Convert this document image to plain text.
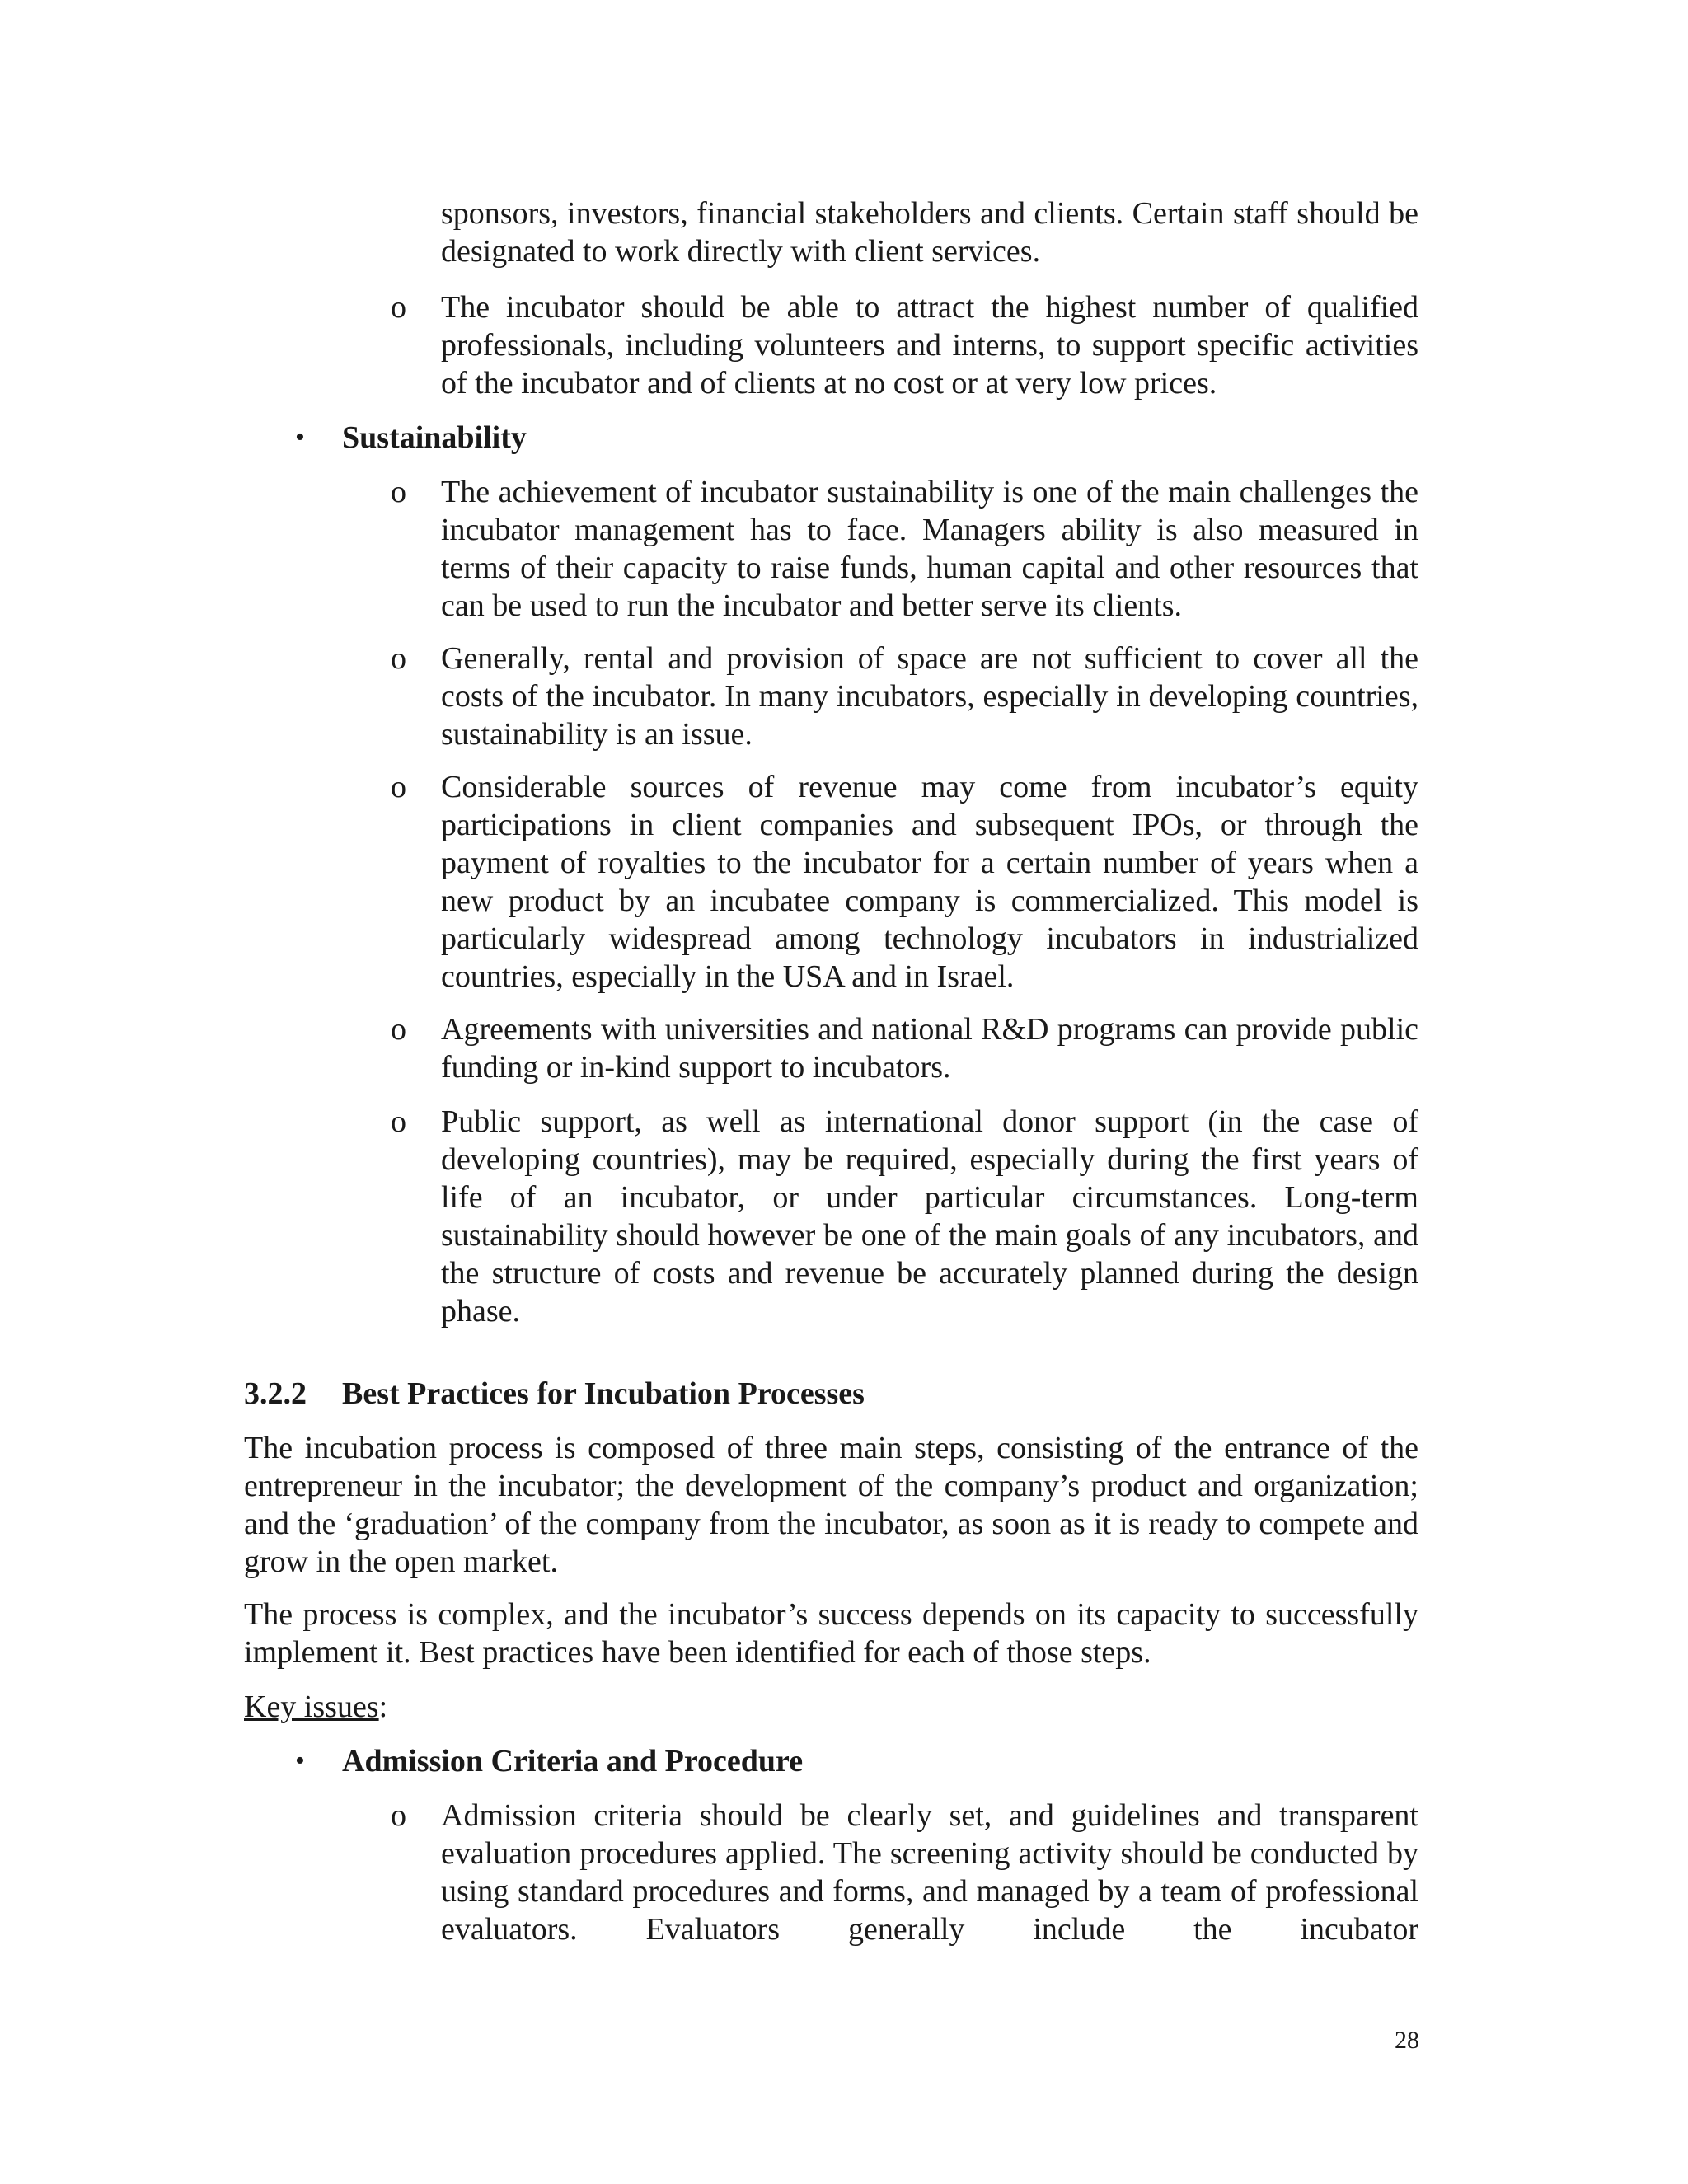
sponsors, investors, financial stakeholders and clients. Certain staff should be designated to work directly with client services.
o The incubator should be able to attract the highest number of qualified professionals, including volunteers and interns, to support specific activities of the incubator and of clients at no cost or at very low prices.
• Sustainability
o The achievement of incubator sustainability is one of the main challenges the incubator management has to face. Managers ability is also measured in terms of their capacity to raise funds, human capital and other resources that can be used to run the incubator and better serve its clients.
o Generally, rental and provision of space are not sufficient to cover all the costs of the incubator. In many incubators, especially in developing countries, sustainability is an issue.
o Considerable sources of revenue may come from incubator’s equity participations in client companies and subsequent IPOs, or through the payment of royalties to the incubator for a certain number of years when a new product by an incubatee company is commercialized. This model is particularly widespread among technology incubators in industrialized countries, especially in the USA and in Israel.
o Agreements with universities and national R&D programs can provide public funding or in-kind support to incubators.
o Public support, as well as international donor support (in the case of developing countries), may be required, especially during the first years of life of an incubator, or under particular circumstances. Long-term sustainability should however be one of the main goals of any incubators, and the structure of costs and revenue be accurately planned during the design phase.
3.2.2 Best Practices for Incubation Processes
The incubation process is composed of three main steps, consisting of the entrance of the entrepreneur in the incubator; the development of the company’s product and organization; and the ‘graduation’ of the company from the incubator, as soon as it is ready to compete and grow in the open market.
The process is complex, and the incubator’s success depends on its capacity to successfully implement it. Best practices have been identified for each of those steps.
Key issues:
• Admission Criteria and Procedure
o Admission criteria should be clearly set, and guidelines and transparent evaluation procedures applied. The screening activity should be conducted by using standard procedures and forms, and managed by a team of professional evaluators. Evaluators generally include the incubator
28
